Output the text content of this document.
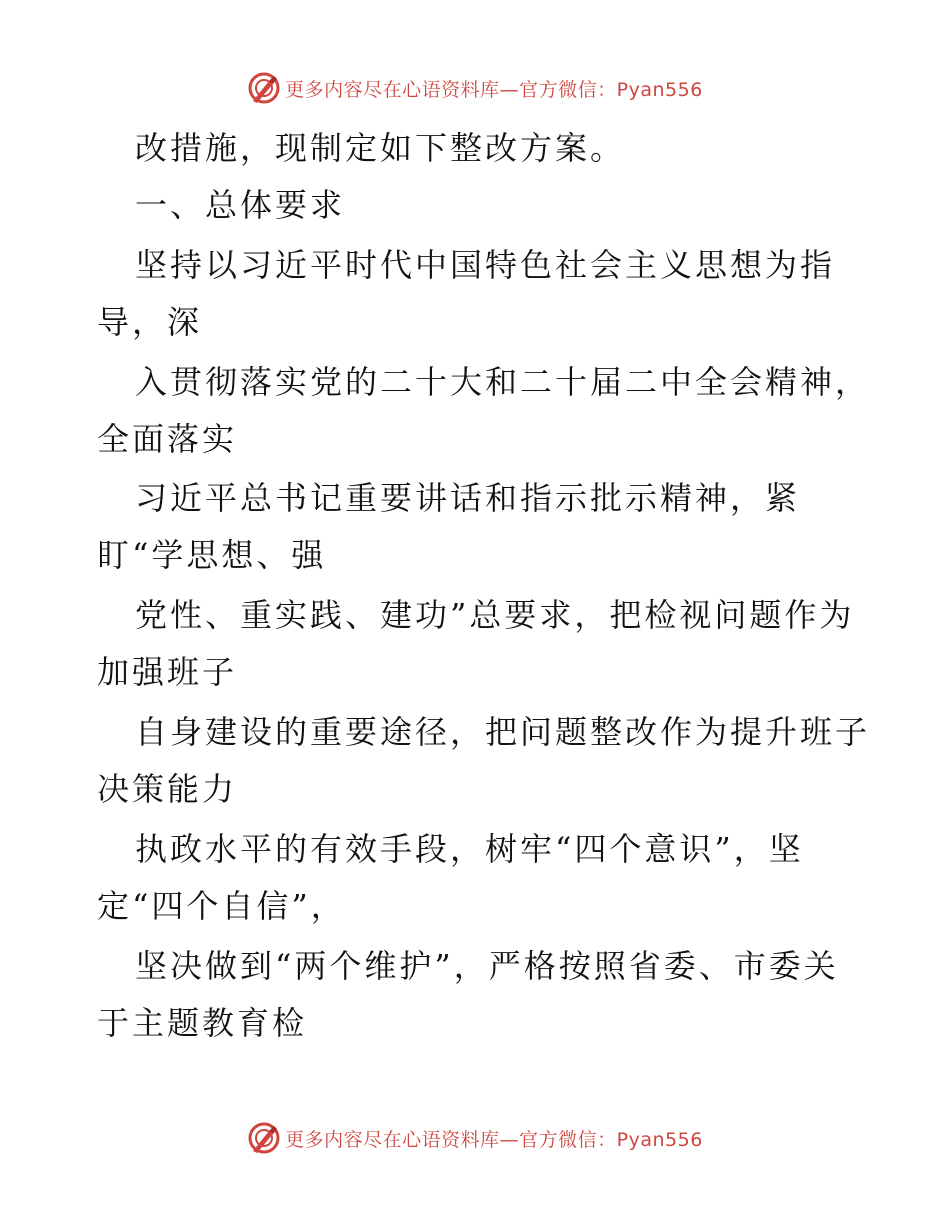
更多内容尽在心语资料库—官方微信：Pyan556
改措施，现制定如下整改方案。
一、总体要求
坚持以习近平时代中国特色社会主义思想为指
导，深
入贯彻落实党的二十大和二十届二中全会精神，
全面落实
习近平总书记重要讲话和指示批示精神，紧
盯“学思想、强
党性、重实践、建功”总要求，把检视问题作为
加强班子
自身建设的重要途径，把问题整改作为提升班子
决策能力
执政水平的有效手段，树牢“四个意识”，坚
定“四个自信”，
坚决做到“两个维护”，严格按照省委、市委关
于主题教育检
更多内容尽在心语资料库—官方微信：Pyan556
